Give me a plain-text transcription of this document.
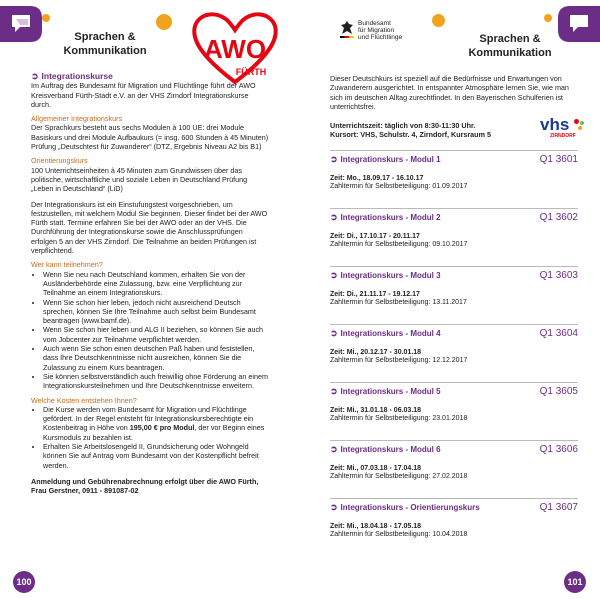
Sprachen &
Kommunikation	AWO
FÜRTH
➲ Integrationskurse

Im Auftrag des Bundesamt für Migration und Flüchtlinge führt der AWO Kreisverband Fürth-Stadt e.V. an der VHS Zirndorf Integrationskurse durch.

Allgemeiner Integrationskurs

Der Sprachkurs besteht aus sechs Modulen à 100 UE: drei Module Basiskurs und drei Module Aufbaukurs (= insg. 600 Stunden à 45 Minuten) Prüfung „Deutschtest für Zuwanderer“ (DTZ, Ergebnis Niveau A2 bis B1)

Orientierungskurs

100 Unterrichtseinheiten à 45 Minuten zum Grundwissen über das politische, wirtschaftliche und soziale Leben in Deutschland Prüfung „Leben in Deutschland“ (LiD)

Der Integrationskurs ist ein Einstufungstest vorgeschrieben, um festzustellen, mit welchem Modul Sie beginnen. Dieser findet bei der AWO Fürth statt. Termine erfahren Sie bei der AWO oder an der VHS. Die Durchführung der Integrationskurse sowie die Anschlussprüfungen erfolgen 5 an der VHS Zirndorf. Die Teilnahme an beiden Prüfungen ist verpflichtend.

Wer kann teilnehmen?
• Wenn Sie neu nach Deutschland kommen, erhalten Sie von der Ausländerbehörde eine Zulassung, bzw. eine Verpflichtung zur Teilnahme an einem Integrationskurs.
• Wenn Sie schon hier leben, jedoch nicht ausreichend Deutsch sprechen, können Sie Ihre Teilnahme auch selbst beim Bundesamt beantragen (www.bamf.de).
• Wenn Sie schon hier leben und ALG II beziehen, so können Sie auch vom Jobcenter zur Teilnahme verpflichtet werden.
• Auch wenn Sie schon einen deutschen Paß haben und feststellen, dass Ihre Deutschkenntnisse nicht ausreichen, können Sie die Zulassung zu einem Kurs beantragen.
• Sie können selbstverständlich auch freiwillig ohne Förderung an einem Integrationskursteilnehmen und Ihre Deutschkenntnisse erweitern.
Welche Kosten entstehen Ihnen?
• Die Kurse werden vom Bundesamt für Migration und Flüchtlinge gefördert. In der Regel entsteht für Integrationskursberechtigte ein Kostenbeitrag in Höhe von 195,00 € pro Modul, der vor Beginn eines Kursmoduls zu bezahlen ist.
• Erhalten Sie Arbeitslosengeld II, Grundsicherung oder Wohngeld können Sie auf Antrag vom Bundesamt von der Kostenpflicht befreit werden.

Anmeldung und Gebührenabrechnung erfolgt über die AWO Fürth, Frau Gerstner, 0911 - 891087-02

100
Bundesamt
für Migration
und Flüchtlinge	Sprachen &
Kommunikation

Dieser Deutschkurs ist speziell auf die Bedürfnisse und Erwartungen von Zuwanderern ausgerichtet. In entspannter Atmosphäre lernen Sie, wie man sich im deutschen Alltag zurechtfindet. In den Bayerischen Schulferien ist unterrichtsfrei.

Unterrichtszeit: täglich von 8:30-11:30 Uhr.

Kursort: VHS, Schulstr. 4, Zirndorf, Kursraum 5

vhs
ZIRNDORF
➲ Integrationskurs - Modul 1	Q1 3601
Zeit: Mo., 18.09.17 - 16.10.17
Zahltermin für Selbstbeteiligung: 01.09.2017
➲ Integrationskurs - Modul 2	Q1 3602
Zeit: Di., 17.10.17 - 20.11.17
Zahltermin für Selbstbeteiligung: 09.10.2017
➲ Integrationskurs - Modul 3	Q1 3603
Zeit: Di., 21.11.17 - 19.12.17
Zahltermin für Selbstbeteiligung: 13.11.2017
➲ Integrationskurs - Modul 4	Q1 3604
Zeit: Mi., 20.12.17 - 30.01.18
Zahltermin für Selbstbeteiligung: 12.12.2017
➲ Integrationskurs - Modul 5	Q1 3605
Zeit: Mi., 31.01.18 - 06.03.18
Zahltermin für Selbstbeteiligung: 23.01.2018
➲ Integrationskurs - Modul 6	Q1 3606
Zeit: Mi., 07.03.18 - 17.04.18
Zahltermin für Selbstbeteiligung: 27.02.2018
➲ Integrationskurs - Orientierungskurs	Q1 3607
Zeit: Mi., 18.04.18 - 17.05.18
Zahltermin für Selbstbeteiligung: 10.04.2018
101
